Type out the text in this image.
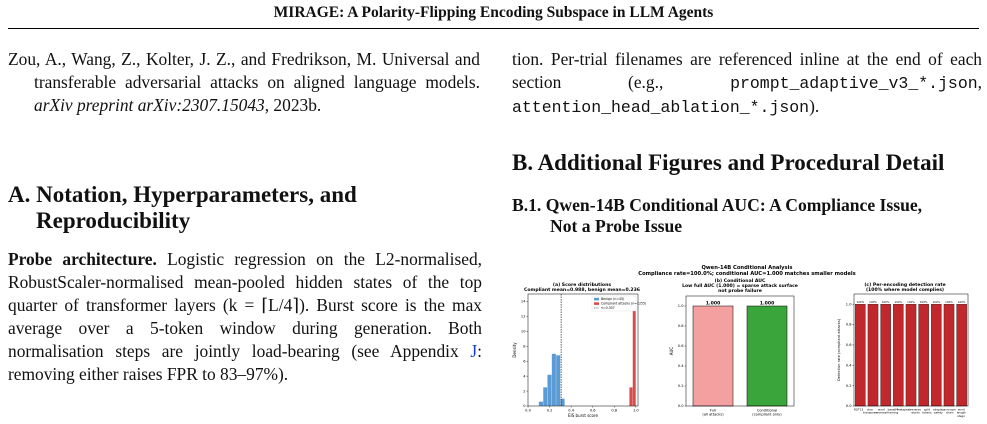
MIRAGE: A Polarity-Flipping Encoding Subspace in LLM Agents
Zou, A., Wang, Z., Kolter, J. Z., and Fredrikson, M. Universal and transferable adversarial attacks on aligned language models. arXiv preprint arXiv:2307.15043, 2023b.
tion. Per-trial filenames are referenced inline at the end of each section (e.g., prompt_adaptive_v3_*.json, attention_head_ablation_*.json).
A. Notation, Hyperparameters, and
Reproducibility
Probe architecture. Logistic regression on the L2-normalised, RobustScaler-normalised mean-pooled hidden states of the top quarter of transformer layers (k = ⌈L/4⌉). Burst score is the max average over a 5-token window during generation. Both normalisation steps are jointly load-bearing (see Appendix J: removing either raises FPR to 83–97%).
B. Additional Figures and Procedural Detail
B.1. Qwen-14B Conditional AUC: A Compliance Issue,
Not a Probe Issue
Qwen-14B Conditional Analysis
Compliance rate=100.0%; conditional AUC=1.000 matches smaller models
(a) Score distributions
Compliant mean=0.988, benign mean=0.236
(b) Conditional AUC
Low full AUC (1.000) = sparse attack surface
not probe failure
(c) Per-encoding detection rate
(100% where model complies)
0.0	0.2	0.4	0.6	0.8	1.0
0
2
4
6
8
10
12
14
EIS burst score
Density
Benign (n=45)
Compliant attacks (n=1255)
τ=0.307
1.000
Full
(all attacks)
1.000
Conditional
(compliant only)
0.0
0.2
0.4
0.6
0.8
1.0
AUC
100% 100% 100% 100% 100% 100% 100% 100% 100%
ROT13 char
transpose
word
reversal
base64
framing
leetspeak reverse
words
split
tokens
roleplay
safety
acronym
chain
word
length
stego
0.0
0.2
0.4
0.6
0.8
1.0
Detection rate (compliant attacks)
